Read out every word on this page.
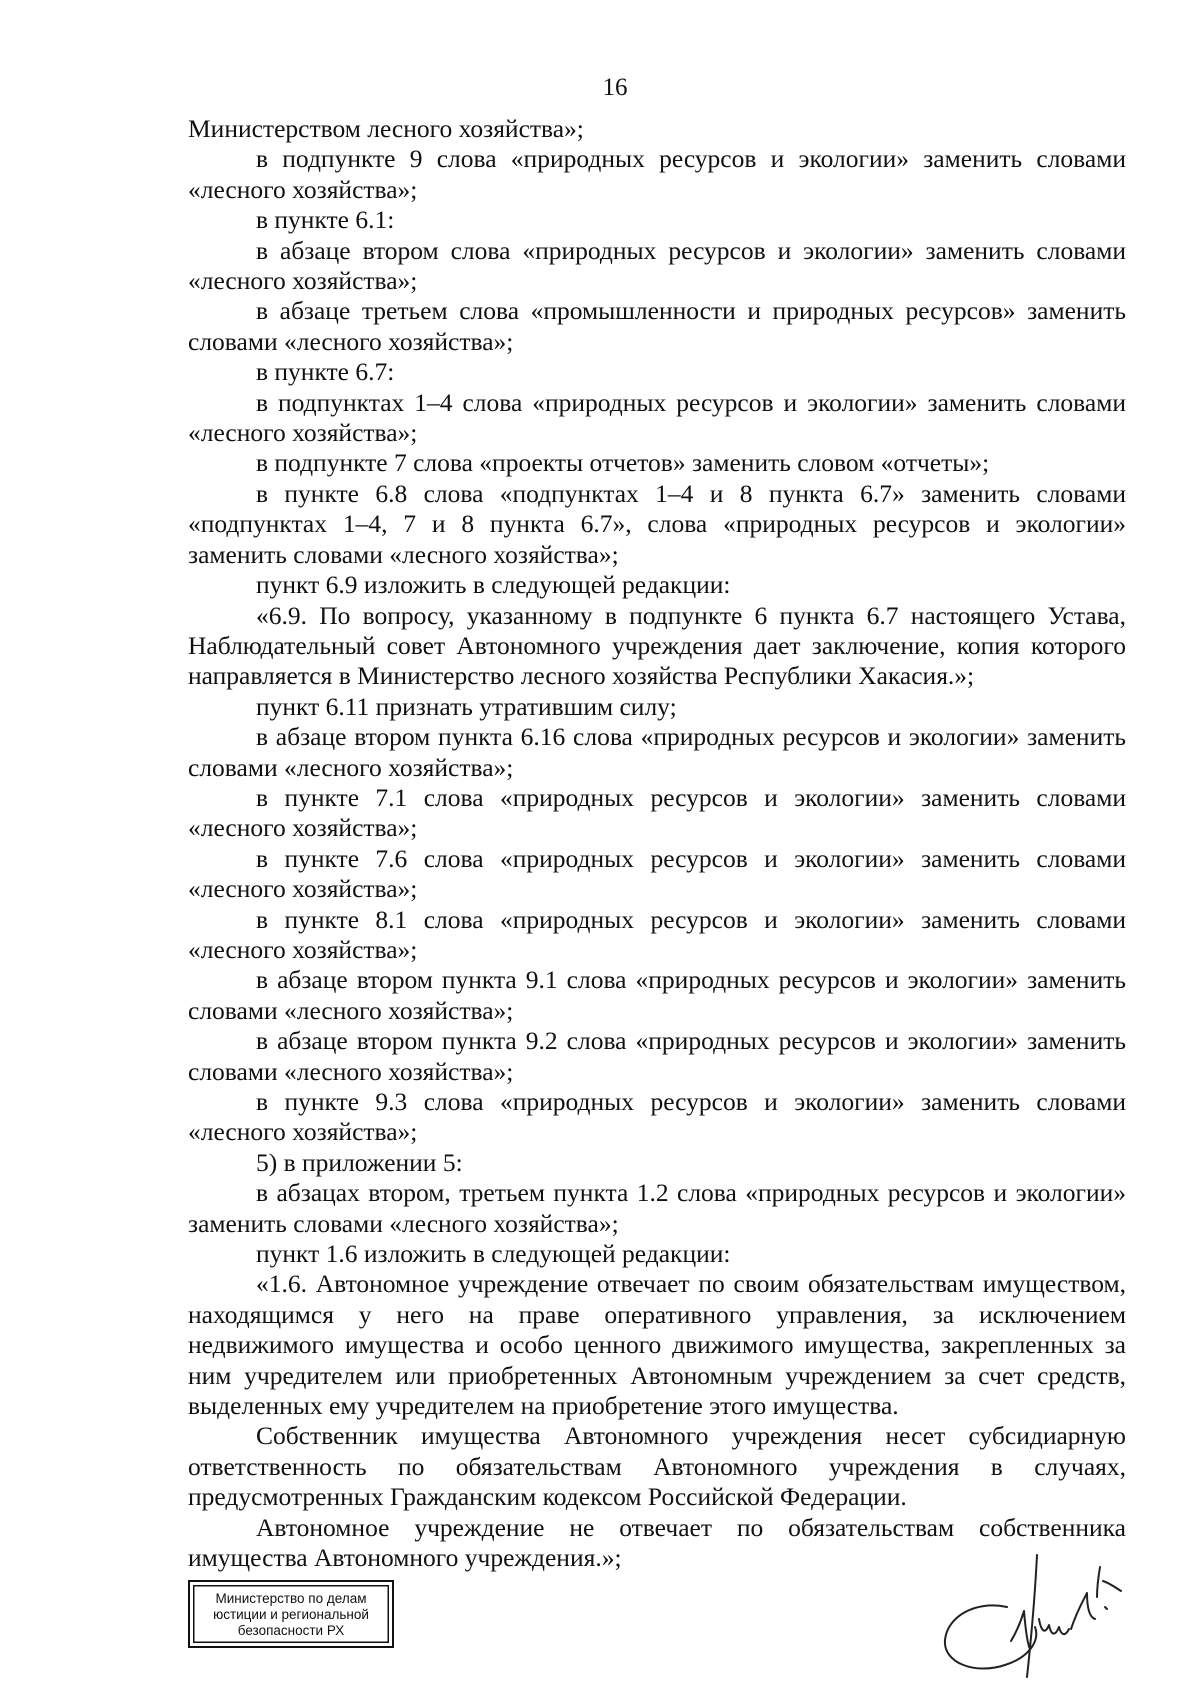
16

Министерством лесного хозяйства»;

в подпункте 9 слова «природных ресурсов и экологии» заменить словами «лесного хозяйства»;

в пункте 6.1:

в абзаце втором слова «природных ресурсов и экологии» заменить словами «лесного хозяйства»;

в абзаце третьем слова «промышленности и природных ресурсов» заменить словами «лесного хозяйства»;

в пункте 6.7:

в подпунктах 1–4 слова «природных ресурсов и экологии» заменить словами «лесного хозяйства»;

в подпункте 7 слова «проекты отчетов» заменить словом «отчеты»;

в пункте 6.8 слова «подпунктах 1–4 и 8 пункта 6.7» заменить словами «подпунктах 1–4, 7 и 8 пункта 6.7», слова «природных ресурсов и экологии» заменить словами «лесного хозяйства»;

пункт 6.9 изложить в следующей редакции:

«6.9. По вопросу, указанному в подпункте 6 пункта 6.7 настоящего Устава, Наблюдательный совет Автономного учреждения дает заключение, копия которого направляется в Министерство лесного хозяйства Республики Хакасия.»;

пункт 6.11 признать утратившим силу;

в абзаце втором пункта 6.16 слова «природных ресурсов и экологии» заменить словами «лесного хозяйства»;

в пункте 7.1 слова «природных ресурсов и экологии» заменить словами «лесного хозяйства»;

в пункте 7.6 слова «природных ресурсов и экологии» заменить словами «лесного хозяйства»;

в пункте 8.1 слова «природных ресурсов и экологии» заменить словами «лесного хозяйства»;

в абзаце втором пункта 9.1 слова «природных ресурсов и экологии» заменить словами «лесного хозяйства»;

в абзаце втором пункта 9.2 слова «природных ресурсов и экологии» заменить словами «лесного хозяйства»;

в пункте 9.3 слова «природных ресурсов и экологии» заменить словами «лесного хозяйства»;

5) в приложении 5:

в абзацах втором, третьем пункта 1.2 слова «природных ресурсов и экологии» заменить словами «лесного хозяйства»;

пункт 1.6 изложить в следующей редакции:

«1.6. Автономное учреждение отвечает по своим обязательствам имуществом, находящимся у него на праве оперативного управления, за исключением недвижимого имущества и особо ценного движимого имущества, закрепленных за ним учредителем или приобретенных Автономным учреждением за счет средств, выделенных ему учредителем на приобретение этого имущества.

Собственник имущества Автономного учреждения несет субсидиарную ответственность по обязательствам Автономного учреждения в случаях, предусмотренных Гражданским кодексом Российской Федерации.

Автономное учреждение не отвечает по обязательствам собственника имущества Автономного учреждения.»;

Министерство по делам
юстиции и региональной
безопасности РХ
